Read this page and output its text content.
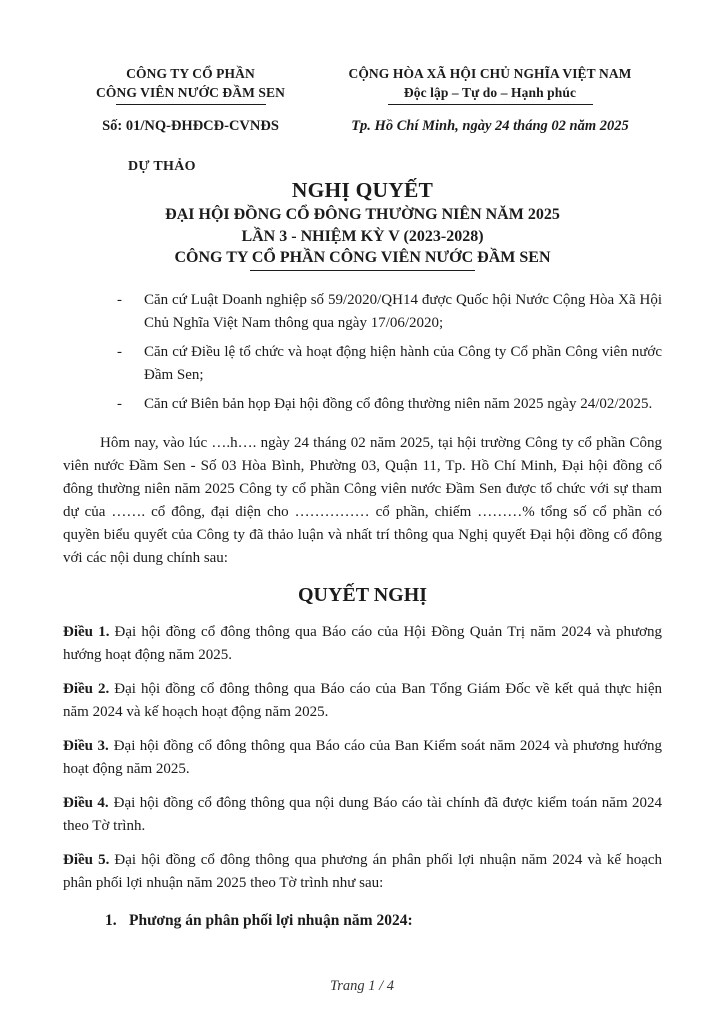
CÔNG TY CỔ PHẦN
CÔNG VIÊN NƯỚC ĐẦM SEN
CỘNG HÒA XÃ HỘI CHỦ NGHĨA VIỆT NAM
Độc lập – Tự do – Hạnh phúc
Số: 01/NQ-ĐHĐCĐ-CVNĐS	Tp. Hồ Chí Minh, ngày 24 tháng 02 năm 2025
DỰ THẢO
NGHỊ QUYẾT
ĐẠI HỘI ĐỒNG CỔ ĐÔNG THƯỜNG NIÊN NĂM 2025
LẦN 3 - NHIỆM KỲ V (2023-2028)
CÔNG TY CỔ PHẦN CÔNG VIÊN NƯỚC ĐẦM SEN
-	Căn cứ Luật Doanh nghiệp số 59/2020/QH14 được Quốc hội Nước Cộng Hòa Xã Hội Chủ Nghĩa Việt Nam thông qua ngày 17/06/2020;

-	Căn cứ Điều lệ tổ chức và hoạt động hiện hành của Công ty Cổ phần Công viên nước Đầm Sen;

-	Căn cứ Biên bản họp Đại hội đồng cổ đông thường niên năm 2025 ngày 24/02/2025.

Hôm nay, vào lúc ….h…. ngày 24 tháng 02 năm 2025, tại hội trường Công ty cổ phần Công viên nước Đầm Sen - Số 03 Hòa Bình, Phường 03, Quận 11, Tp. Hồ Chí Minh, Đại hội đồng cổ đông thường niên năm 2025 Công ty cổ phần Công viên nước Đầm Sen được tổ chức với sự tham dự của ……. cổ đông, đại diện cho …………… cổ phần, chiếm ………% tổng số cổ phần có quyền biểu quyết của Công ty đã thảo luận và nhất trí thông qua Nghị quyết Đại hội đồng cổ đông với các nội dung chính sau:

QUYẾT NGHỊ

Điều 1. Đại hội đồng cổ đông thông qua Báo cáo của Hội Đồng Quản Trị năm 2024 và phương hướng hoạt động năm 2025.

Điều 2. Đại hội đồng cổ đông thông qua Báo cáo của Ban Tổng Giám Đốc về kết quả thực hiện năm 2024 và kế hoạch hoạt động năm 2025.

Điều 3. Đại hội đồng cổ đông thông qua Báo cáo của Ban Kiểm soát năm 2024 và phương hướng hoạt động năm 2025.

Điều 4. Đại hội đồng cổ đông thông qua nội dung Báo cáo tài chính đã được kiểm toán năm 2024 theo Tờ trình.

Điều 5. Đại hội đồng cổ đông thông qua phương án phân phối lợi nhuận năm 2024 và kế hoạch phân phối lợi nhuận năm 2025 theo Tờ trình như sau:

1. Phương án phân phối lợi nhuận năm 2024:
Trang 1 / 4
